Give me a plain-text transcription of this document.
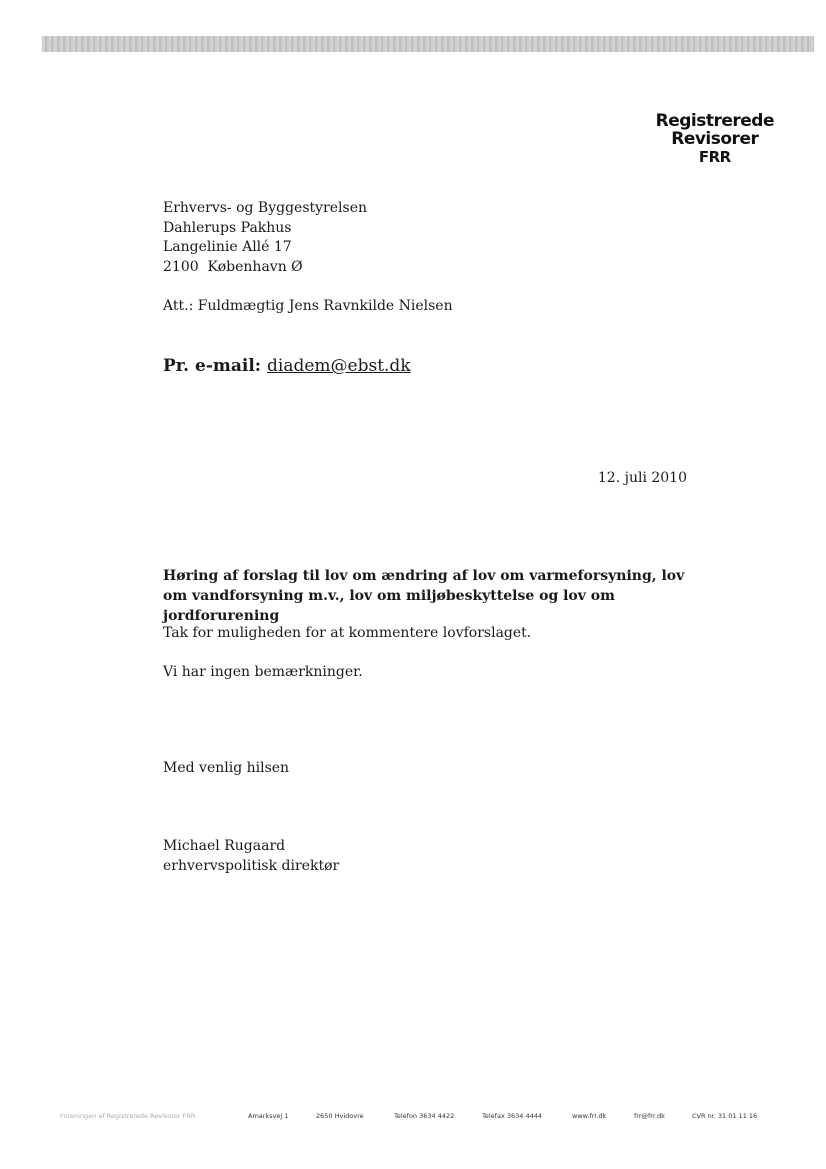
Registrerede
Revisorer
FRR
Erhvervs- og Byggestyrelsen
Dahlerups Pakhus
Langelinie Allé 17
2100  København Ø
Att.: Fuldmægtig Jens Ravnkilde Nielsen
Pr. e-mail: diadem@ebst.dk
12. juli 2010
Høring af forslag til lov om ændring af lov om varmeforsyning, lov om vandforsyning m.v., lov om miljøbeskyttelse og lov om jordforurening
Tak for muligheden for at kommentere lovforslaget.
Vi har ingen bemærkninger.
Med venlig hilsen
Michael Rugaard
erhvervspolitisk direktør
Foreningen af Registrerede Revisorer FRR	Amarksvej 1	2650 Hvidovre	Telefon 3634 4422	Telefax 3634 4444	www.frr.dk	frr@frr.dk	CVR nr. 31 01 11 16
